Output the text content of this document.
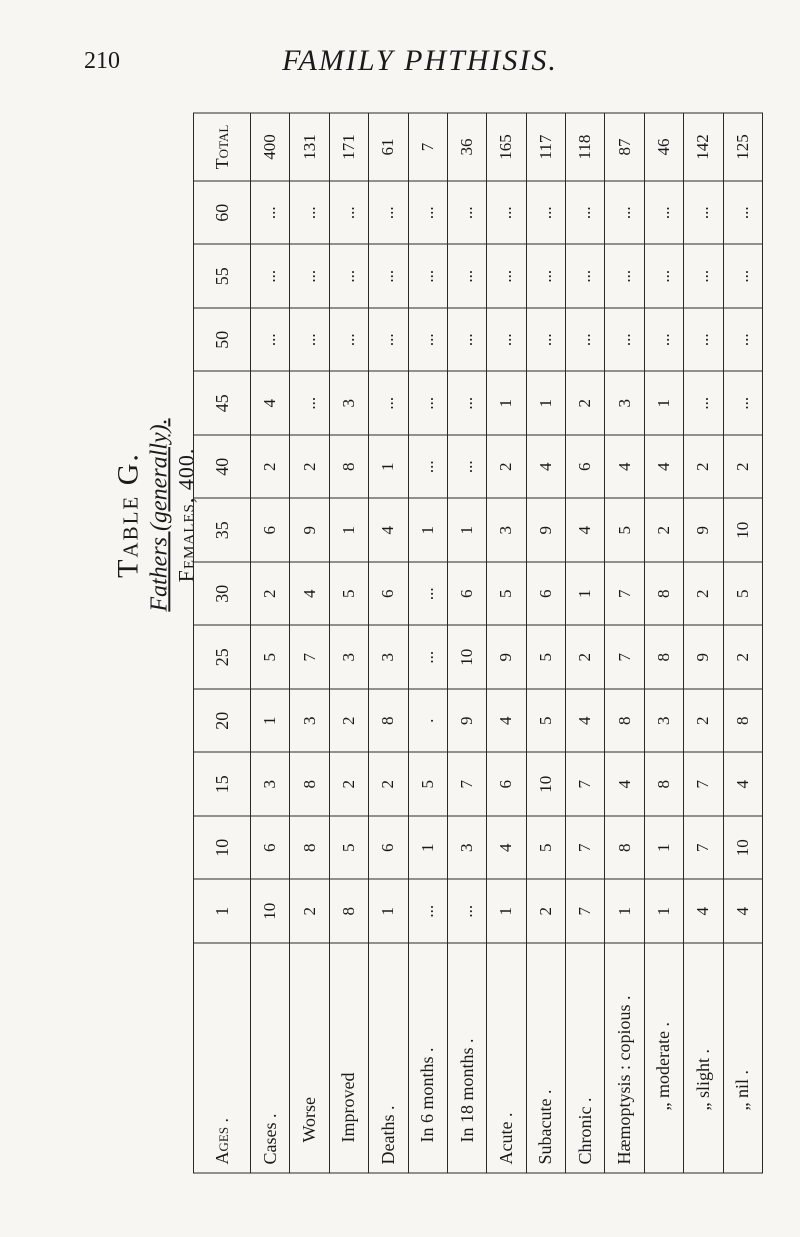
210	FAMILY PHTHISIS.
Table G. Fathers (generally). Females, 400.
Ages .	1	10	15	20	25	30	35	40	45	50	55	60	Total
Cases .	10	6	3	1	5	2	6	2	4	...	...	...	400
Worse	2	8	8	3	7	4	9	2	...	...	...	...	131
Improved	8	5	2	2	3	5	1	8	3	...	...	...	171
Deaths .	1	6	2	8	3	6	4	1	...	...	...	...	61
In 6 months .	...	1	5	.	...	...	1	...	...	...	...	...	7
In 18 months .	...	3	7	9	10	6	1	...	...	...	...	...	36
Acute .	1	4	6	4	9	5	3	2	1	...	...	...	165
Subacute .	2	5	10	5	5	6	9	4	1	...	...	...	117
Chronic .	7	7	7	4	2	1	4	6	2	...	...	...	118
Hæmoptysis : copious .	1	8	4	8	7	7	5	4	3	...	...	...	87
„ moderate .	1	1	8	3	8	8	2	4	1	...	...	...	46
„ slight .	4	7	7	2	9	2	9	2	...	...	...	...	142
„ nil .	4	10	4	8	2	5	10	2	...	...	...	...	125
